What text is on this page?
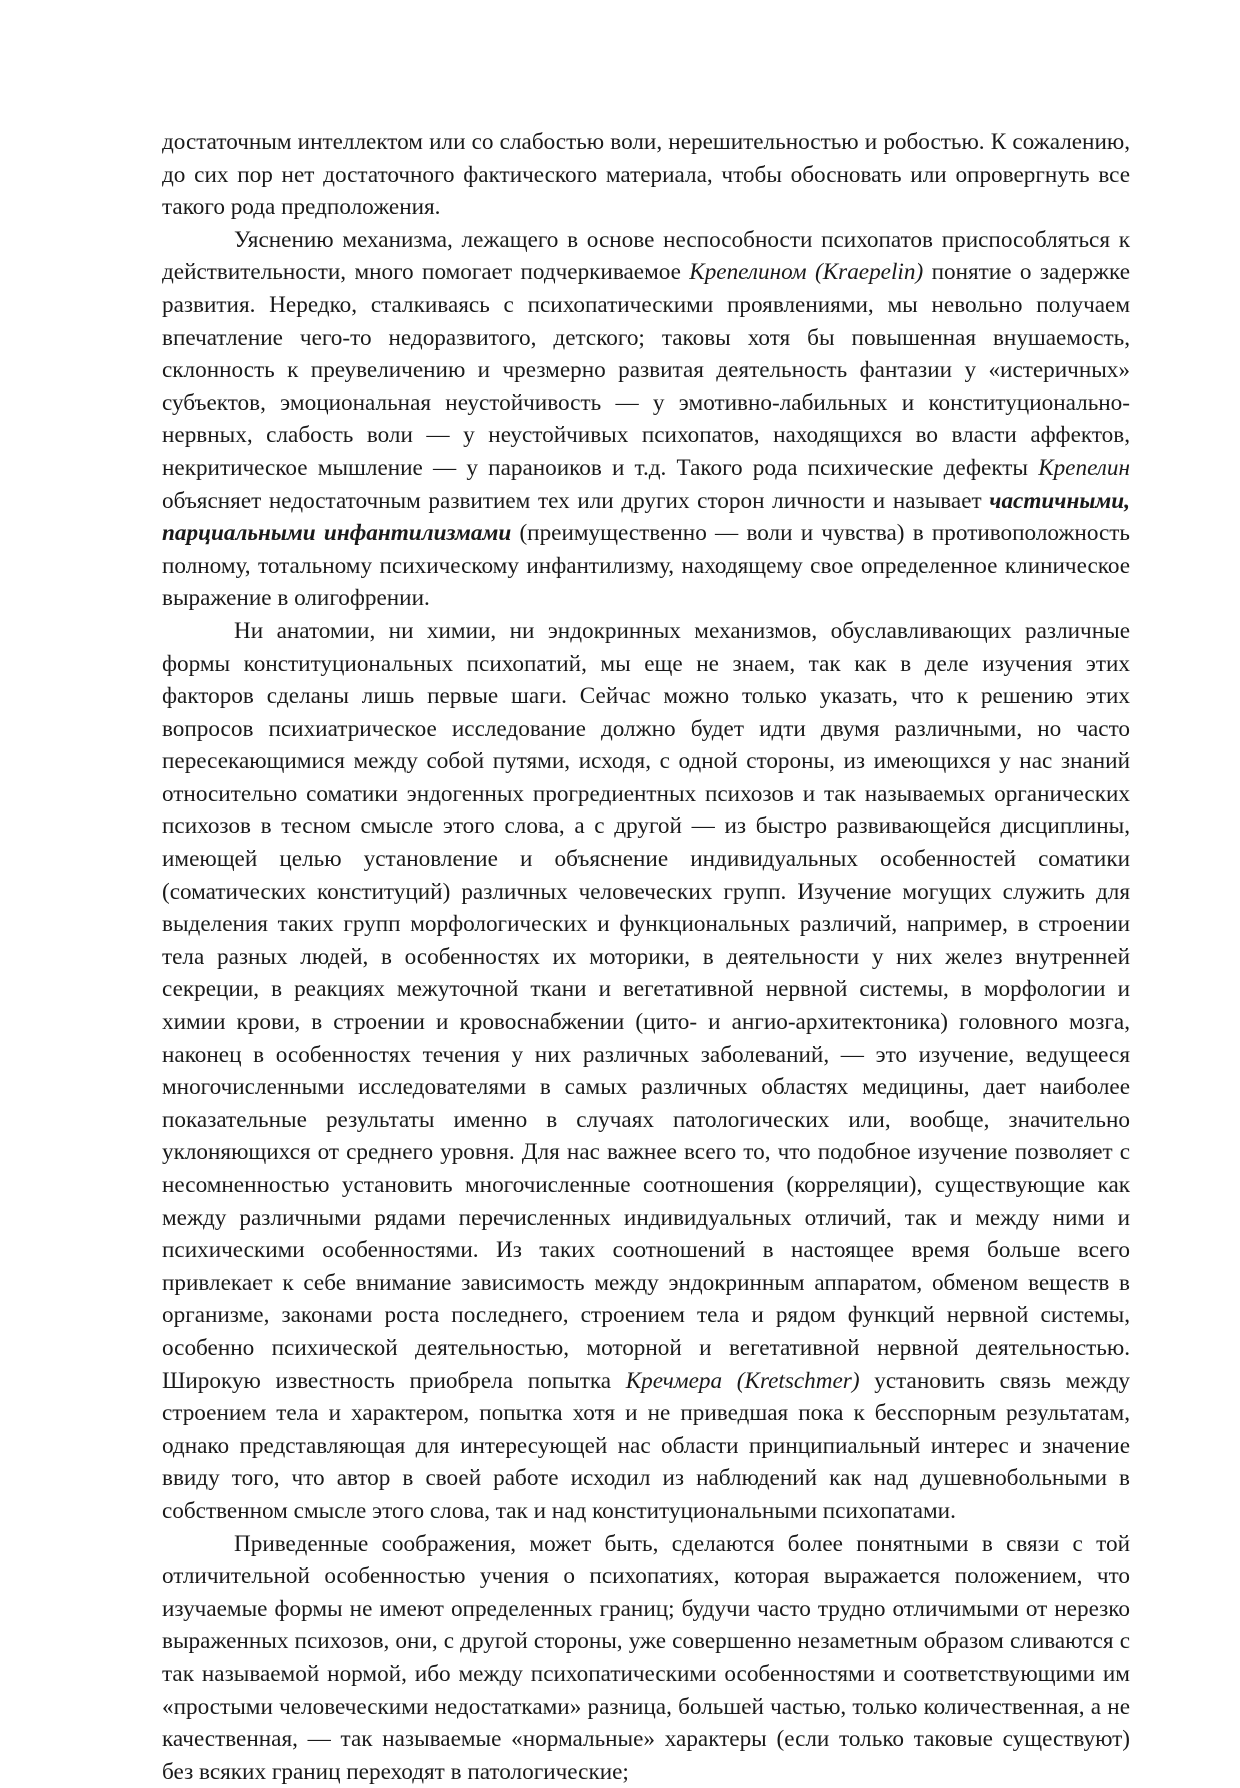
достаточным интеллектом или со слабостью воли, нерешительностью и робостью. К сожалению, до сих пор нет достаточного фактического материала, чтобы обосновать или опровергнуть все такого рода предположения.

Уяснению механизма, лежащего в основе неспособности психопатов приспособляться к действительности, много помогает подчеркиваемое Крепелином (Kraepelin) понятие о задержке развития. Нередко, сталкиваясь с психопатическими проявлениями, мы невольно получаем впечатление чего-то недоразвитого, детского; таковы хотя бы повышенная внушаемость, склонность к преувеличению и чрезмерно развитая деятельность фантазии у «истеричных» субъектов, эмоциональная неустойчивость — у эмотивно-лабильных и конституционально-нервных, слабость воли — у неустойчивых психопатов, находящихся во власти аффектов, некритическое мышление — у параноиков и т.д. Такого рода психические дефекты Крепелин объясняет недостаточным развитием тех или других сторон личности и называет частичными, парциальными инфантилизмами (преимущественно — воли и чувства) в противоположность полному, тотальному психическому инфантилизму, находящему свое определенное клиническое выражение в олигофрении.

Ни анатомии, ни химии, ни эндокринных механизмов, обуславливающих различные формы конституциональных психопатий, мы еще не знаем, так как в деле изучения этих факторов сделаны лишь первые шаги. Сейчас можно только указать, что к решению этих вопросов психиатрическое исследование должно будет идти двумя различными, но часто пересекающимися между собой путями, исходя, с одной стороны, из имеющихся у нас знаний относительно соматики эндогенных прогредиентных психозов и так называемых органических психозов в тесном смысле этого слова, а с другой — из быстро развивающейся дисциплины, имеющей целью установление и объяснение индивидуальных особенностей соматики (соматических конституций) различных человеческих групп. Изучение могущих служить для выделения таких групп морфологических и функциональных различий, например, в строении тела разных людей, в особенностях их моторики, в деятельности у них желез внутренней секреции, в реакциях межуточной ткани и вегетативной нервной системы, в морфологии и химии крови, в строении и кровоснабжении (цито- и ангио-архитектоника) головного мозга, наконец в особенностях течения у них различных заболеваний, — это изучение, ведущееся многочисленными исследователями в самых различных областях медицины, дает наиболее показательные результаты именно в случаях патологических или, вообще, значительно уклоняющихся от среднего уровня. Для нас важнее всего то, что подобное изучение позволяет с несомненностью установить многочисленные соотношения (корреляции), существующие как между различными рядами перечисленных индивидуальных отличий, так и между ними и психическими особенностями. Из таких соотношений в настоящее время больше всего привлекает к себе внимание зависимость между эндокринным аппаратом, обменом веществ в организме, законами роста последнего, строением тела и рядом функций нервной системы, особенно психической деятельностью, моторной и вегетативной нервной деятельностью. Широкую известность приобрела попытка Кречмера (Kretschmer) установить связь между строением тела и характером, попытка хотя и не приведшая пока к бесспорным результатам, однако представляющая для интересующей нас области принципиальный интерес и значение ввиду того, что автор в своей работе исходил из наблюдений как над душевнобольными в собственном смысле этого слова, так и над конституциональными психопатами.

Приведенные соображения, может быть, сделаются более понятными в связи с той отличительной особенностью учения о психопатиях, которая выражается положением, что изучаемые формы не имеют определенных границ; будучи часто трудно отличимыми от нерезко выраженных психозов, они, с другой стороны, уже совершенно незаметным образом сливаются с так называемой нормой, ибо между психопатическими особенностями и соответствующими им «простыми человеческими недостатками» разница, большей частью, только количественная, а не качественная, — так называемые «нормальные» характеры (если только таковые существуют) без всяких границ переходят в патологические;
